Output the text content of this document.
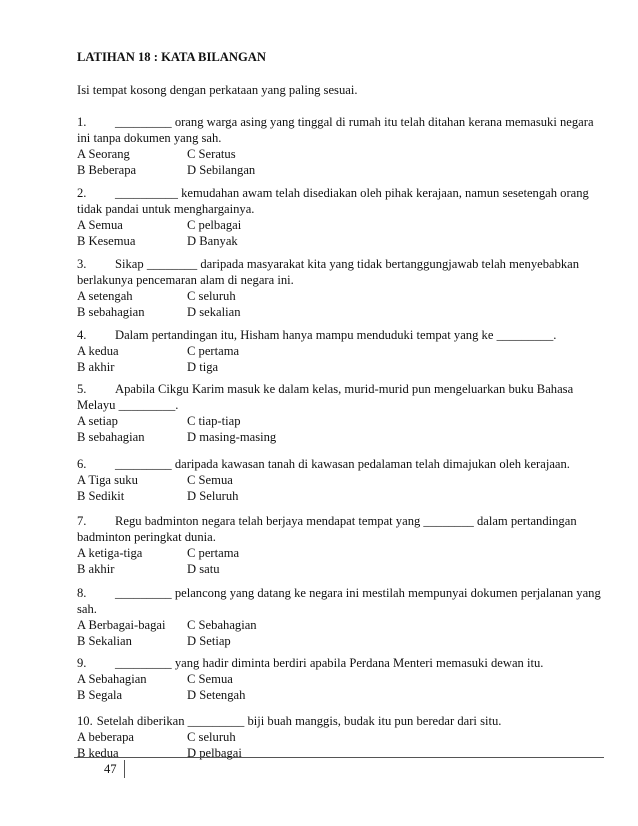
LATIHAN 18 : KATA BILANGAN
Isi tempat kosong dengan perkataan yang paling sesuai.
1. _________ orang warga asing yang tinggal di rumah itu telah ditahan kerana memasuki negara ini tanpa dokumen yang sah.
A Seorang	C Seratus
B Beberapa	D Sebilangan
2. __________ kemudahan awam telah disediakan oleh pihak kerajaan, namun sesetengah orang tidak pandai untuk menghargainya.
A Semua	C pelbagai
B Kesemua	D Banyak
3. Sikap ________ daripada masyarakat kita yang tidak bertanggungjawab telah menyebabkan berlakunya pencemaran alam di negara ini.
A setengah	C seluruh
B sebahagian	D sekalian
4. Dalam pertandingan itu, Hisham hanya mampu menduduki tempat yang ke _________.
A kedua	C pertama
B akhir	D tiga
5. Apabila Cikgu Karim masuk ke dalam kelas, murid-murid pun mengeluarkan buku Bahasa Melayu _________.
A setiap	C tiap-tiap
B sebahagian	D masing-masing
6. _________ daripada kawasan tanah di kawasan pedalaman telah dimajukan oleh kerajaan.
A Tiga suku	C Semua
B Sedikit	D Seluruh
7. Regu badminton negara telah berjaya mendapat tempat yang ________ dalam pertandingan badminton peringkat dunia.
A ketiga-tiga	C pertama
B akhir	D satu
8. _________ pelancong yang datang ke negara ini mestilah mempunyai dokumen perjalanan yang sah.
A Berbagai-bagai	C Sebahagian
B Sekalian	D Setiap
9. _________ yang hadir diminta berdiri apabila Perdana Menteri memasuki dewan itu.
A Sebahagian	C Semua
B Segala	D Setengah
10. Setelah diberikan _________ biji buah manggis, budak itu pun beredar dari situ.
A beberapa	C seluruh
B kedua	D pelbagai
47
